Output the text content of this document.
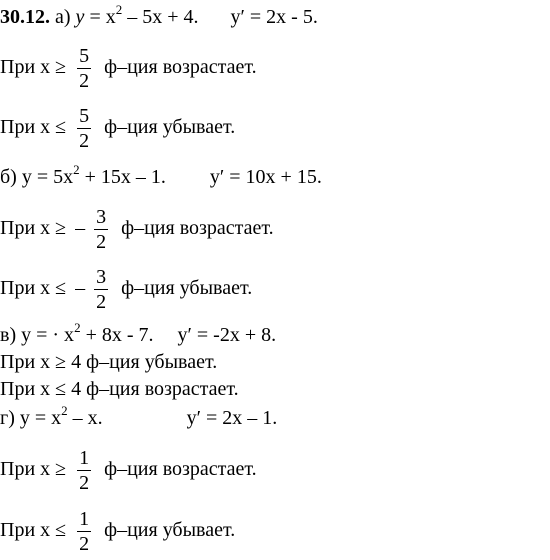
30.12. а) $y = x^2 - 5x + 4$. y′ = 2x - 5.
При $x \ge \frac{5}{2} ф-ция$ возрастает.
При $x \le \frac{5}{2} ф-ция$ убывает.
б) $y = 5x^2 + 15x - 1$. y′ = 10x + 15.
При x ≥ – $\frac{3}{2} ф-ция$ возрастает.
При x ≤ – $\frac{3}{2} ф-ция$ убывает.
в) y = · $x^2 + 8x - 7$. y′ = -2x + 8.
При x ≥ 4 ф–ция убывает.
При x ≤ 4 ф–ция возрастает.
г) $y = x^2 - x$.	y′ = 2x – 1.
При $x \ge \frac{1}{2} ф-ция$ возрастает.
При $x \le \frac{1}{2} ф-ция$ убывает.
